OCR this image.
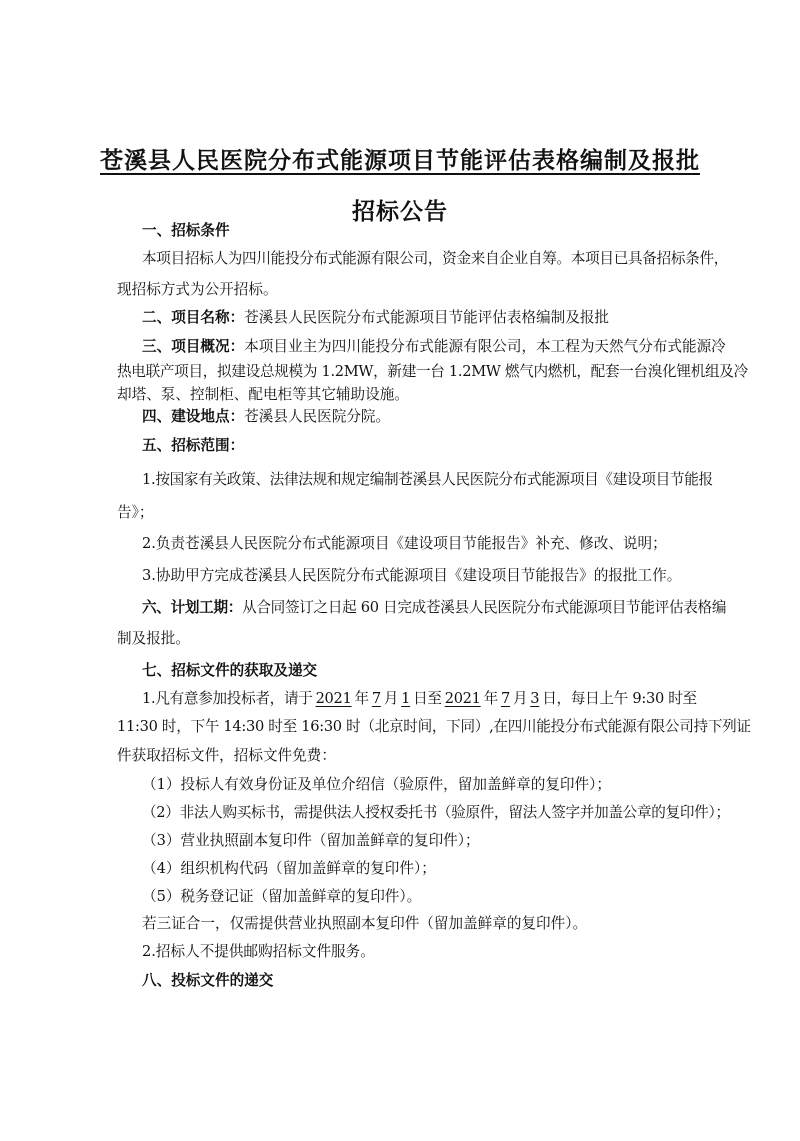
苍溪县人民医院分布式能源项目节能评估表格编制及报批
招标公告
一、招标条件
本项目招标人为四川能投分布式能源有限公司，资金来自企业自筹。本项目已具备招标条件，
现招标方式为公开招标。
二、项目名称：苍溪县人民医院分布式能源项目节能评估表格编制及报批
三、项目概况：本项目业主为四川能投分布式能源有限公司，本工程为天然气分布式能源冷
热电联产项目，拟建设总规模为 1.2MW，新建一台 1.2MW 燃气内燃机，配套一台溴化锂机组及冷
却塔、泵、控制柜、配电柜等其它辅助设施。
四、建设地点：苍溪县人民医院分院。
五、招标范围：
1.按国家有关政策、法律法规和规定编制苍溪县人民医院分布式能源项目《建设项目节能报
告》；
2.负责苍溪县人民医院分布式能源项目《建设项目节能报告》补充、修改、说明；
3.协助甲方完成苍溪县人民医院分布式能源项目《建设项目节能报告》的报批工作。
六、计划工期：从合同签订之日起 60 日完成苍溪县人民医院分布式能源项目节能评估表格编
制及报批。
七、招标文件的获取及递交
1.凡有意参加投标者，请于 2021 年 7 月 1 日至 2021 年 7 月 3 日，每日上午 9:30 时至
11:30 时，下午 14:30 时至 16:30 时（北京时间，下同）,在四川能投分布式能源有限公司持下列证
件获取招标文件，招标文件免费：
（1）投标人有效身份证及单位介绍信（验原件，留加盖鲜章的复印件）；
（2）非法人购买标书，需提供法人授权委托书（验原件，留法人签字并加盖公章的复印件）；
（3）营业执照副本复印件（留加盖鲜章的复印件）；
（4）组织机构代码（留加盖鲜章的复印件）；
（5）税务登记证（留加盖鲜章的复印件）。
若三证合一，仅需提供营业执照副本复印件（留加盖鲜章的复印件）。
2.招标人不提供邮购招标文件服务。
八、投标文件的递交
